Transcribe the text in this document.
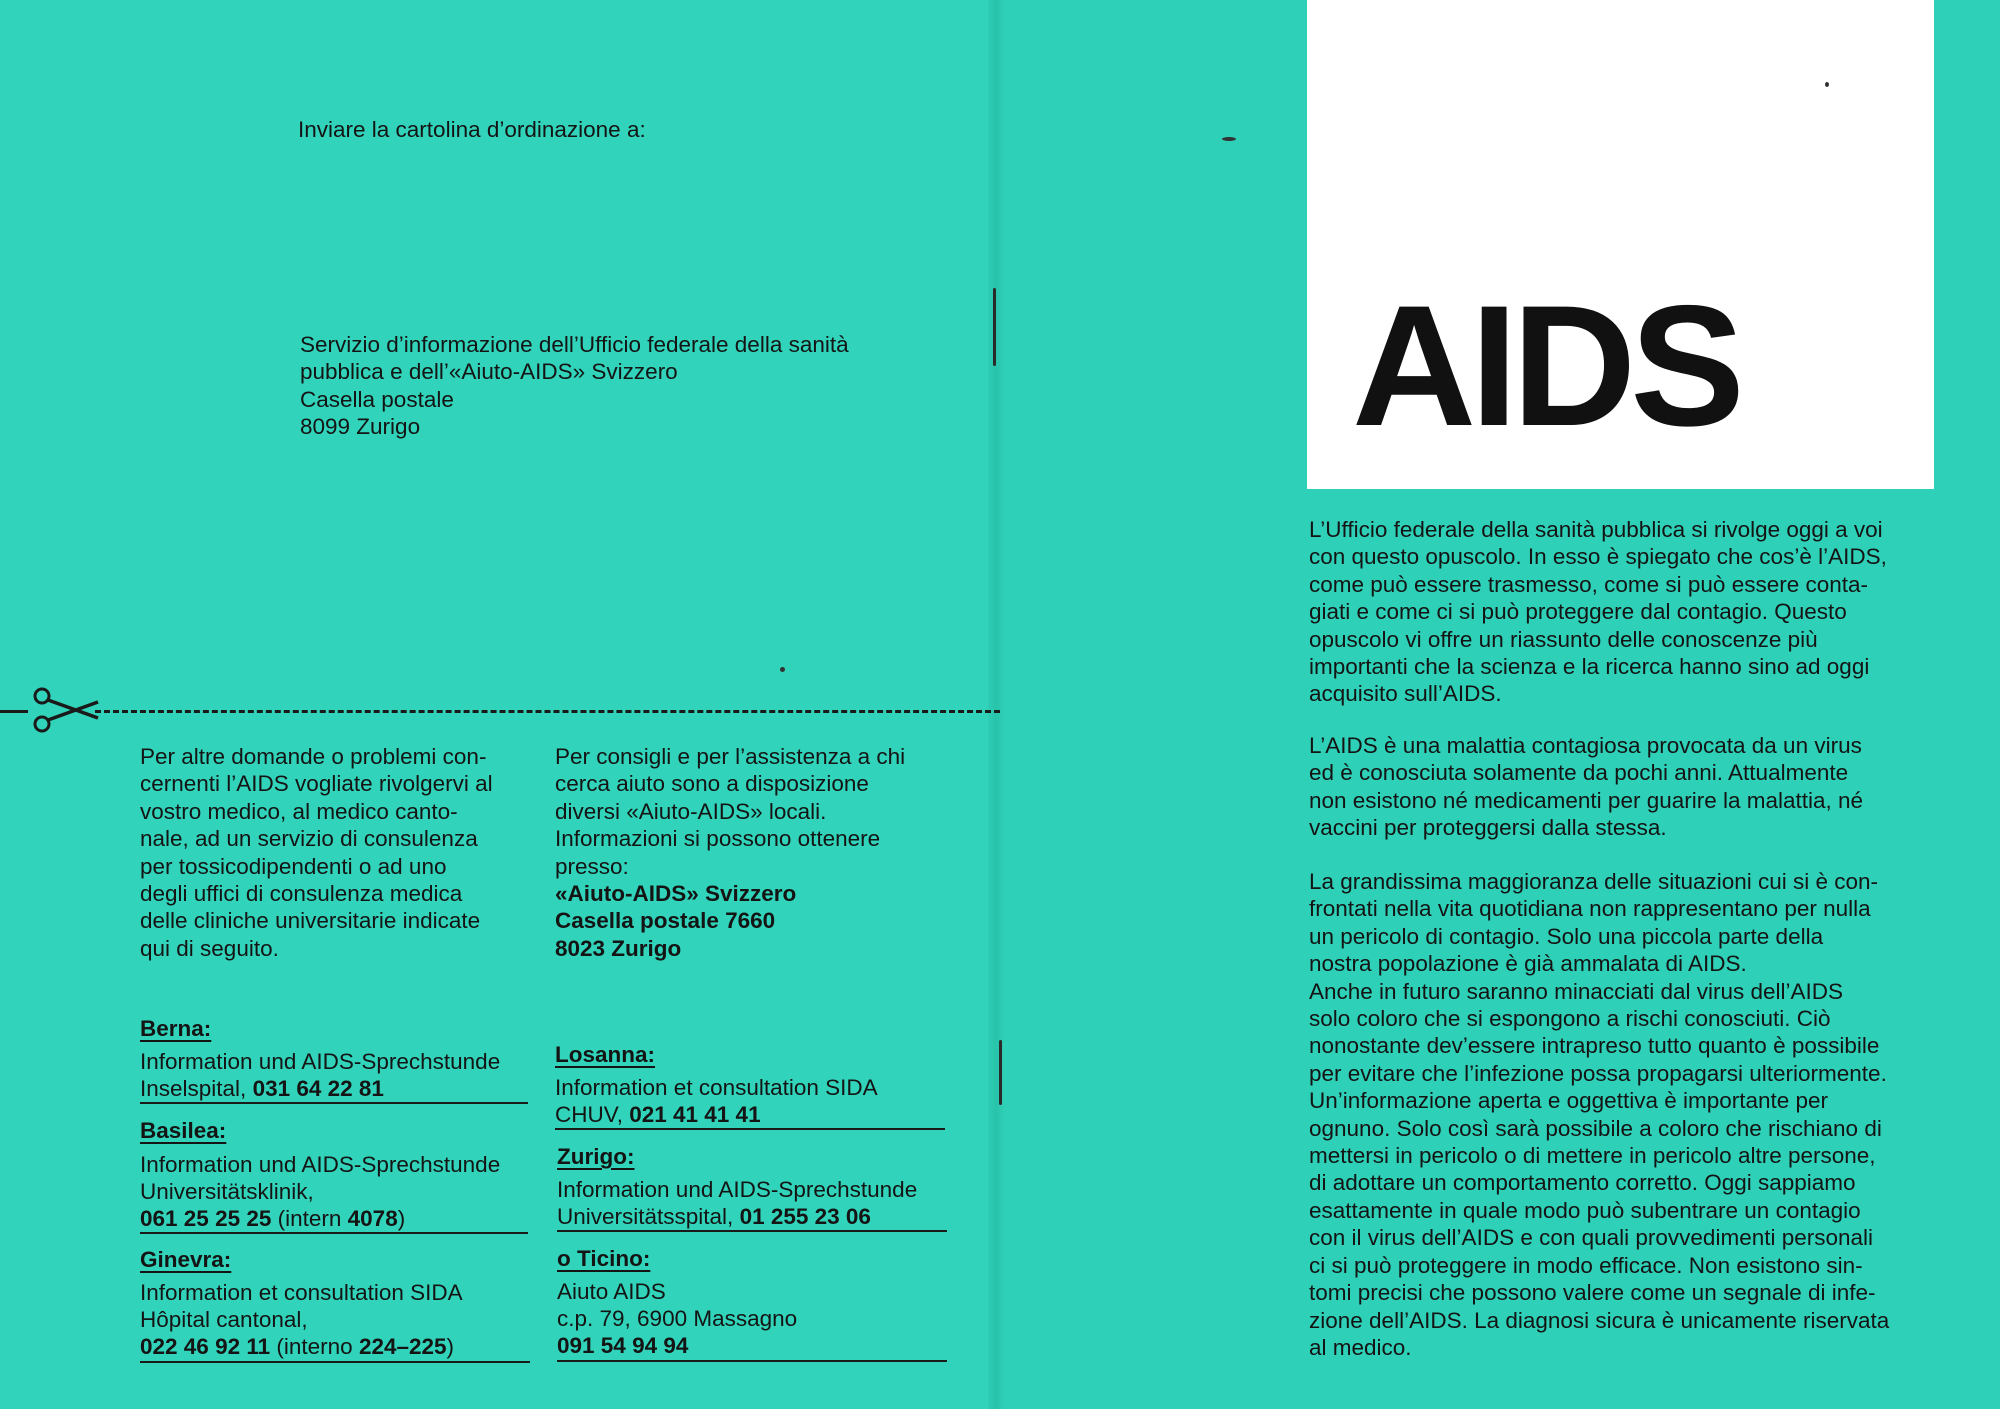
Inviare la cartolina d’ordinazione a:
Servizio d’informazione dell’Ufficio federale della sanità
pubblica e dell’«Aiuto-AIDS» Svizzero
Casella postale
8099 Zurigo
Per altre domande o problemi con-
cernenti l’AIDS vogliate rivolgervi al
vostro medico, al medico canto-
nale, ad un servizio di consulenza
per tossicodipendenti o ad uno
degli uffici di consulenza medica
delle cliniche universitarie indicate
qui di seguito.
Per consigli e per l’assistenza a chi
cerca aiuto sono a disposizione
diversi «Aiuto-AIDS» locali.
Informazioni si possono ottenere
presso:
«Aiuto-AIDS» Svizzero
Casella postale 7660
8023 Zurigo
Berna:
Information und AIDS-Sprechstunde
Inselspital, 031 64 22 81
Basilea:
Information und AIDS-Sprechstunde
Universitätsklinik,
061 25 25 25 (intern 4078)
Ginevra:
Information et consultation SIDA
Hôpital cantonal,
022 46 92 11 (interno 224–225)
Losanna:
Information et consultation SIDA
CHUV, 021 41 41 41
Zurigo:
Information und AIDS-Sprechstunde
Universitätsspital, 01 255 23 06
o Ticino:
Aiuto AIDS
c.p. 79, 6900 Massagno
091 54 94 94
AIDS
L’Ufficio federale della sanità pubblica si rivolge oggi a voi
con questo opuscolo. In esso è spiegato che cos’è l’AIDS,
come può essere trasmesso, come si può essere conta-
giati e come ci si può proteggere dal contagio. Questo
opuscolo vi offre un riassunto delle conoscenze più
importanti che la scienza e la ricerca hanno sino ad oggi
acquisito sull’AIDS.
L’AIDS è una malattia contagiosa provocata da un virus
ed è conosciuta solamente da pochi anni. Attualmente
non esistono né medicamenti per guarire la malattia, né
vaccini per proteggersi dalla stessa.
La grandissima maggioranza delle situazioni cui si è con-
frontati nella vita quotidiana non rappresentano per nulla
un pericolo di contagio. Solo una piccola parte della
nostra popolazione è già ammalata di AIDS.
Anche in futuro saranno minacciati dal virus dell’AIDS
solo coloro che si espongono a rischi conosciuti. Ciò
nonostante dev’essere intrapreso tutto quanto è possibile
per evitare che l’infezione possa propagarsi ulteriormente.
Un’informazione aperta e oggettiva è importante per
ognuno. Solo così sarà possibile a coloro che rischiano di
mettersi in pericolo o di mettere in pericolo altre persone,
di adottare un comportamento corretto. Oggi sappiamo
esattamente in quale modo può subentrare un contagio
con il virus dell’AIDS e con quali provvedimenti personali
ci si può proteggere in modo efficace. Non esistono sin-
tomi precisi che possono valere come un segnale di infe-
zione dell’AIDS. La diagnosi sicura è unicamente riservata
al medico.
